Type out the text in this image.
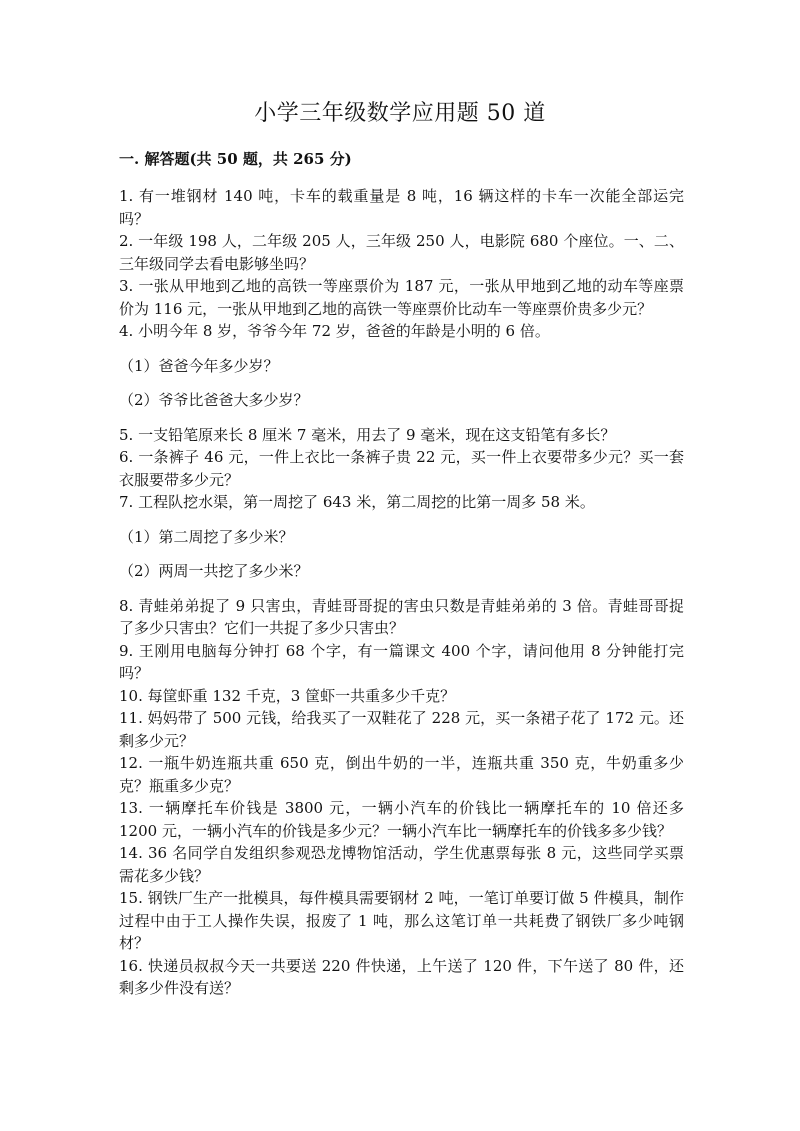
小学三年级数学应用题 50 道
一. 解答题(共 50 题，共 265 分)

1. 有一堆钢材 140 吨，卡车的载重量是 8 吨，16 辆这样的卡车一次能全部运完吗？

2. 一年级 198 人，二年级 205 人，三年级 250 人，电影院 680 个座位。一、二、三年级同学去看电影够坐吗？

3. 一张从甲地到乙地的高铁一等座票价为 187 元，一张从甲地到乙地的动车等座票价为 116 元，一张从甲地到乙地的高铁一等座票价比动车一等座票价贵多少元？

4. 小明今年 8 岁，爷爷今年 72 岁，爸爸的年龄是小明的 6 倍。

（1）爸爸今年多少岁？

（2）爷爷比爸爸大多少岁？

5. 一支铅笔原来长 8 厘米 7 毫米，用去了 9 毫米，现在这支铅笔有多长？

6. 一条裤子 46 元，一件上衣比一条裤子贵 22 元，买一件上衣要带多少元？买一套衣服要带多少元？

7. 工程队挖水渠，第一周挖了 643 米，第二周挖的比第一周多 58 米。

（1）第二周挖了多少米？

（2）两周一共挖了多少米？

8. 青蛙弟弟捉了 9 只害虫，青蛙哥哥捉的害虫只数是青蛙弟弟的 3 倍。青蛙哥哥捉了多少只害虫？它们一共捉了多少只害虫？

9. 王刚用电脑每分钟打 68 个字，有一篇课文 400 个字，请问他用 8 分钟能打完吗？

10. 每筐虾重 132 千克，3 筐虾一共重多少千克？

11. 妈妈带了 500 元钱，给我买了一双鞋花了 228 元，买一条裙子花了 172 元。还剩多少元？

12. 一瓶牛奶连瓶共重 650 克，倒出牛奶的一半，连瓶共重 350 克，牛奶重多少克？瓶重多少克？

13. 一辆摩托车价钱是 3800 元，一辆小汽车的价钱比一辆摩托车的 10 倍还多 1200 元，一辆小汽车的价钱是多少元？一辆小汽车比一辆摩托车的价钱多多少钱？

14. 36 名同学自发组织参观恐龙博物馆活动，学生优惠票每张 8 元，这些同学买票需花多少钱？

15. 钢铁厂生产一批模具，每件模具需要钢材 2 吨，一笔订单要订做 5 件模具，制作过程中由于工人操作失误，报废了 1 吨，那么这笔订单一共耗费了钢铁厂多少吨钢材？

16. 快递员叔叔今天一共要送 220 件快递，上午送了 120 件，下午送了 80 件，还剩多少件没有送？
